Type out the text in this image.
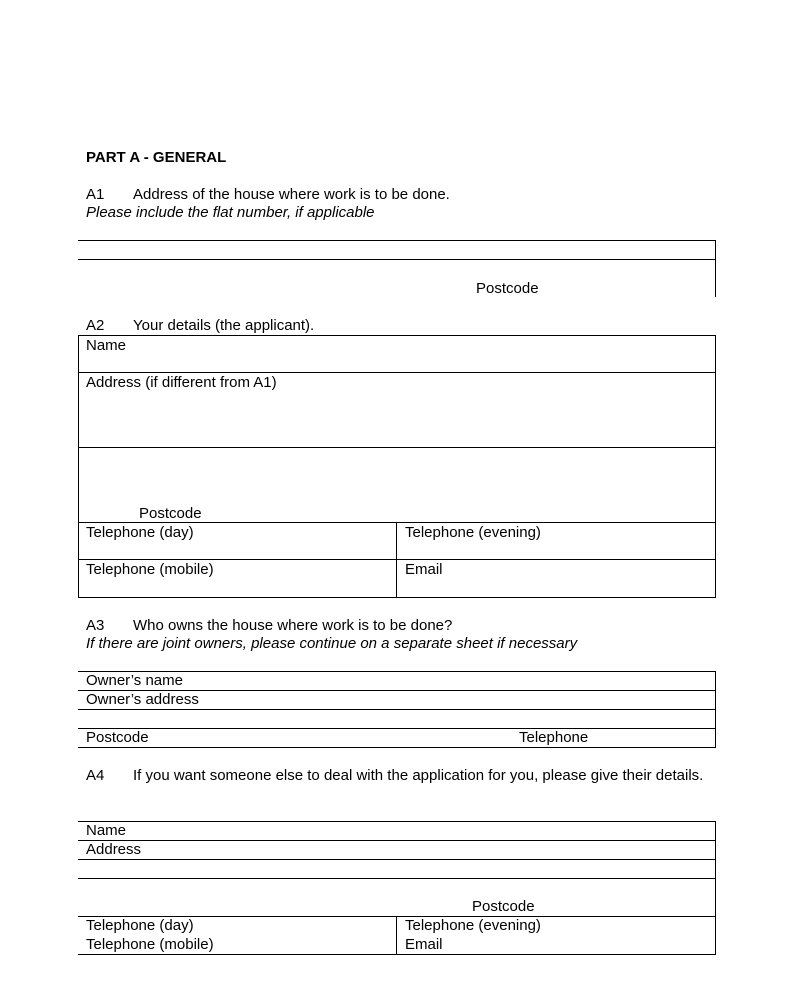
PART A - GENERAL
A1 Address of the house where work is to be done.
Please include the flat number, if applicable
Postcode
A2 Your details (the applicant).
Name
Address (if different from A1)
Postcode
Telephone (day)	Telephone (evening)
Telephone (mobile)	Email
A3 Who owns the house where work is to be done?
If there are joint owners, please continue on a separate sheet if necessary
Owner’s name
Owner’s address
Postcode	Telephone
A4	If you want someone else to deal with the application for you, please give their details.
Name
Address
Postcode
Telephone (day)	Telephone (evening)
Telephone (mobile)	Email
